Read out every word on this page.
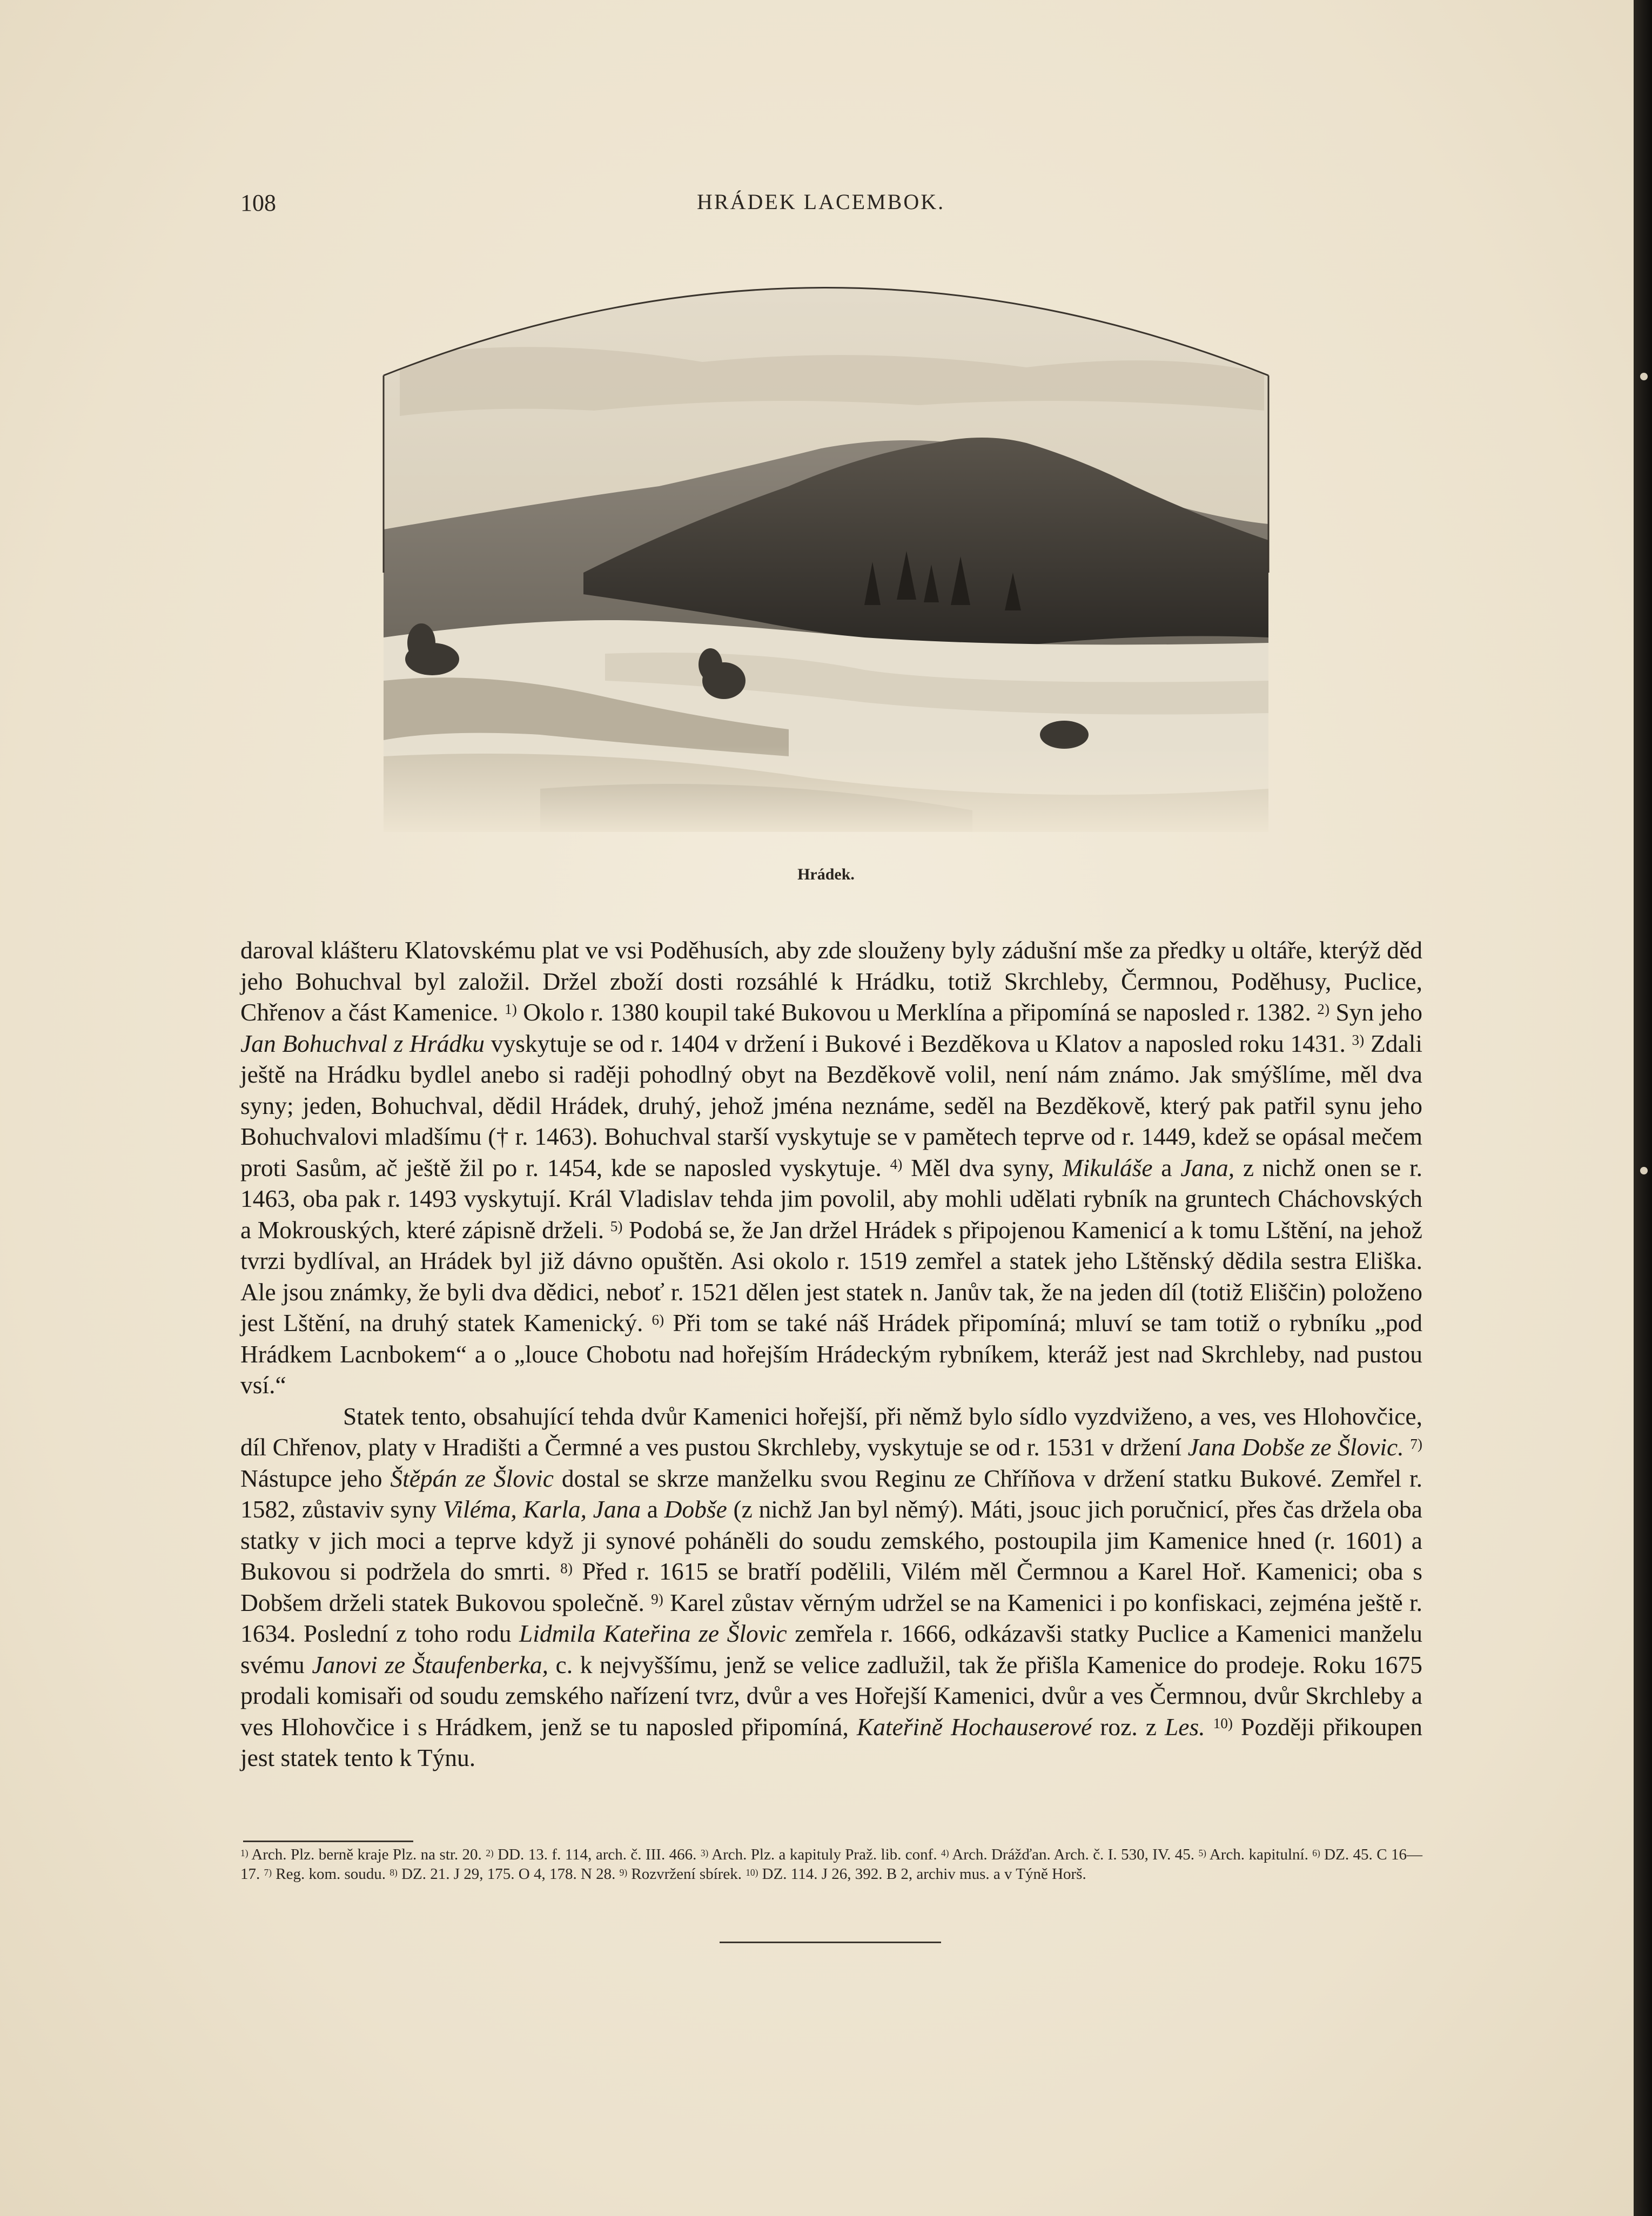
108	HRÁDEK LACEMBOK.
Hrádek.

daroval klášteru Klatovskému plat ve vsi Poděhusích, aby zde slouženy byly zádušní mše za předky u oltáře, kterýž děd jeho Bohuchval byl založil. Držel zboží dosti rozsáhlé k Hrádku, totiž Skrchleby, Čermnou, Poděhusy, Puclice, Chřenov a část Kamenice. $^{1)}$ Okolo r. 1380 koupil také Bukovou u Merklína a připomíná se naposled r. 1382. $^{2)}$ Syn jeho Jan Bohuchval z Hrádku vyskytuje se od r. 1404 v držení i Bukové i Bezděkova u Klatov a naposled roku 1431. $^{3)}$ Zdali ještě na Hrádku bydlel anebo si raději pohodlný obyt na Bezděkově volil, není nám známo. Jak smýšlíme, měl dva syny; jeden, Bohuchval, dědil Hrádek, druhý, jehož jména neznáme, seděl na Bezděkově, který pak patřil synu jeho Bohuchvalovi mladšímu († r. 1463). Bohuchval starší vyskytuje se v pamětech teprve od r. 1449, kdež se opásal mečem proti Sasům, ač ještě žil po r. 1454, kde se naposled vyskytuje. $^{4)}$ Měl dva syny, Mikuláše a Jana, z nichž onen se r. 1463, oba pak r. 1493 vyskytují. Král Vladislav tehda jim povolil, aby mohli udělati rybník na gruntech Cháchovských a Mokrouských, které zápisně drželi. $^{5)}$ Podobá se, že Jan držel Hrádek s připojenou Kamenicí a k tomu Lštění, na jehož tvrzi bydlíval, an Hrádek byl již dávno opuštěn. Asi okolo r. 1519 zemřel a statek jeho Lštěnský dědila sestra Eliška. Ale jsou známky, že byli dva dědici, neboť r. 1521 dělen jest statek n. Janův tak, že na jeden díl (totiž Eliščin) položeno jest Lštění, na druhý statek Kamenický. $^{6)}$ Při tom se také náš Hrádek připomíná; mluví se tam totiž o rybníku „pod Hrádkem Lacnbokem“ a o „louce Chobotu nad hořejším Hrádeckým rybníkem, kteráž jest nad Skrchleby, nad pustou vsí.“

Statek tento, obsahující tehda dvůr Kamenici hořejší, při němž bylo sídlo vyzdviženo, a ves, ves Hlohovčice, díl Chřenov, platy v Hradišti a Čermné a ves pustou Skrchleby, vyskytuje se od r. 1531 v držení Jana Dobše ze Šlovic. $^{7)}$ Nástupce jeho Štěpán ze Šlovic dostal se skrze manželku svou Reginu ze Chříňova v držení statku Bukové. Zemřel r. 1582, zůstaviv syny Viléma, Karla, Jana a Dobše (z nichž Jan byl němý). Máti, jsouc jich poručnicí, přes čas držela oba statky v jich moci a teprve když ji synové poháněli do soudu zemského, postoupila jim Kamenice hned (r. 1601) a Bukovou si podržela do smrti. $^{8)}$ Před r. 1615 se bratří podělili, Vilém měl Čermnou a Karel Hoř. Kamenici; oba s Dobšem drželi statek Bukovou společně. $^{9)}$ Karel zůstav věrným udržel se na Kamenici i po konfiskaci, zejména ještě r. 1634. Poslední z toho rodu Lidmila Kateřina ze Šlovic zemřela r. 1666, odkázavši statky Puclice a Kamenici manželu svému Janovi ze Štaufenberka, c. k nejvyššímu, jenž se velice zadlužil, tak že přišla Kamenice do prodeje. Roku 1675 prodali komisaři od soudu zemského nařízení tvrz, dvůr a ves Hořejší Kamenici, dvůr a ves Čermnou, dvůr Skrchleby a ves Hlohovčice i s Hrádkem, jenž se tu naposled připomíná, Kateřině Hochauserové roz. z Les. $^{10)}$ Později přikoupen jest statek tento k Týnu.

$^{1)}$ Arch. Plz. berně kraje Plz. na str. 20. $^{2)}$ DD. 13. f. 114, arch. č. III. 466. $^{3)}$ Arch. Plz. a kapituly Praž. lib. conf. $^{4)}$ Arch. Drážďan. Arch. č. I. 530, IV. 45. $^{5)}$ Arch. kapitulní. $^{6)}$ DZ. 45. C 16—17. $^{7)}$ Reg. kom. soudu. $^{8)}$ DZ. 21. J 29, 175. O 4, 178. N 28. $^{9)}$ Rozvržení sbírek. $^{10)}$ DZ. 114. J 26, 392. B 2, archiv mus. a v Týně Horš.
